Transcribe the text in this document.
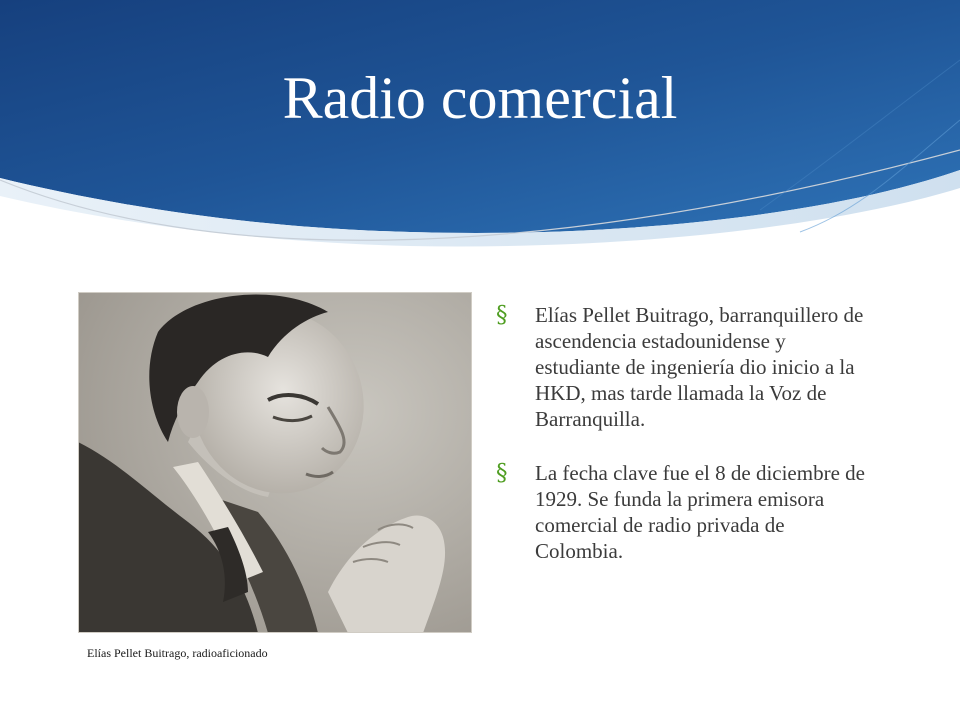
Radio comercial
Elías Pellet Buitrago, radioaficionado
§ Elías Pellet Buitrago, barranquillero de ascendencia estadounidense y estudiante de ingeniería dio inicio a la HKD, mas tarde llamada la Voz de Barranquilla.
§ La fecha clave fue el 8 de diciembre de 1929. Se funda la primera emisora comercial de radio privada de Colombia.
